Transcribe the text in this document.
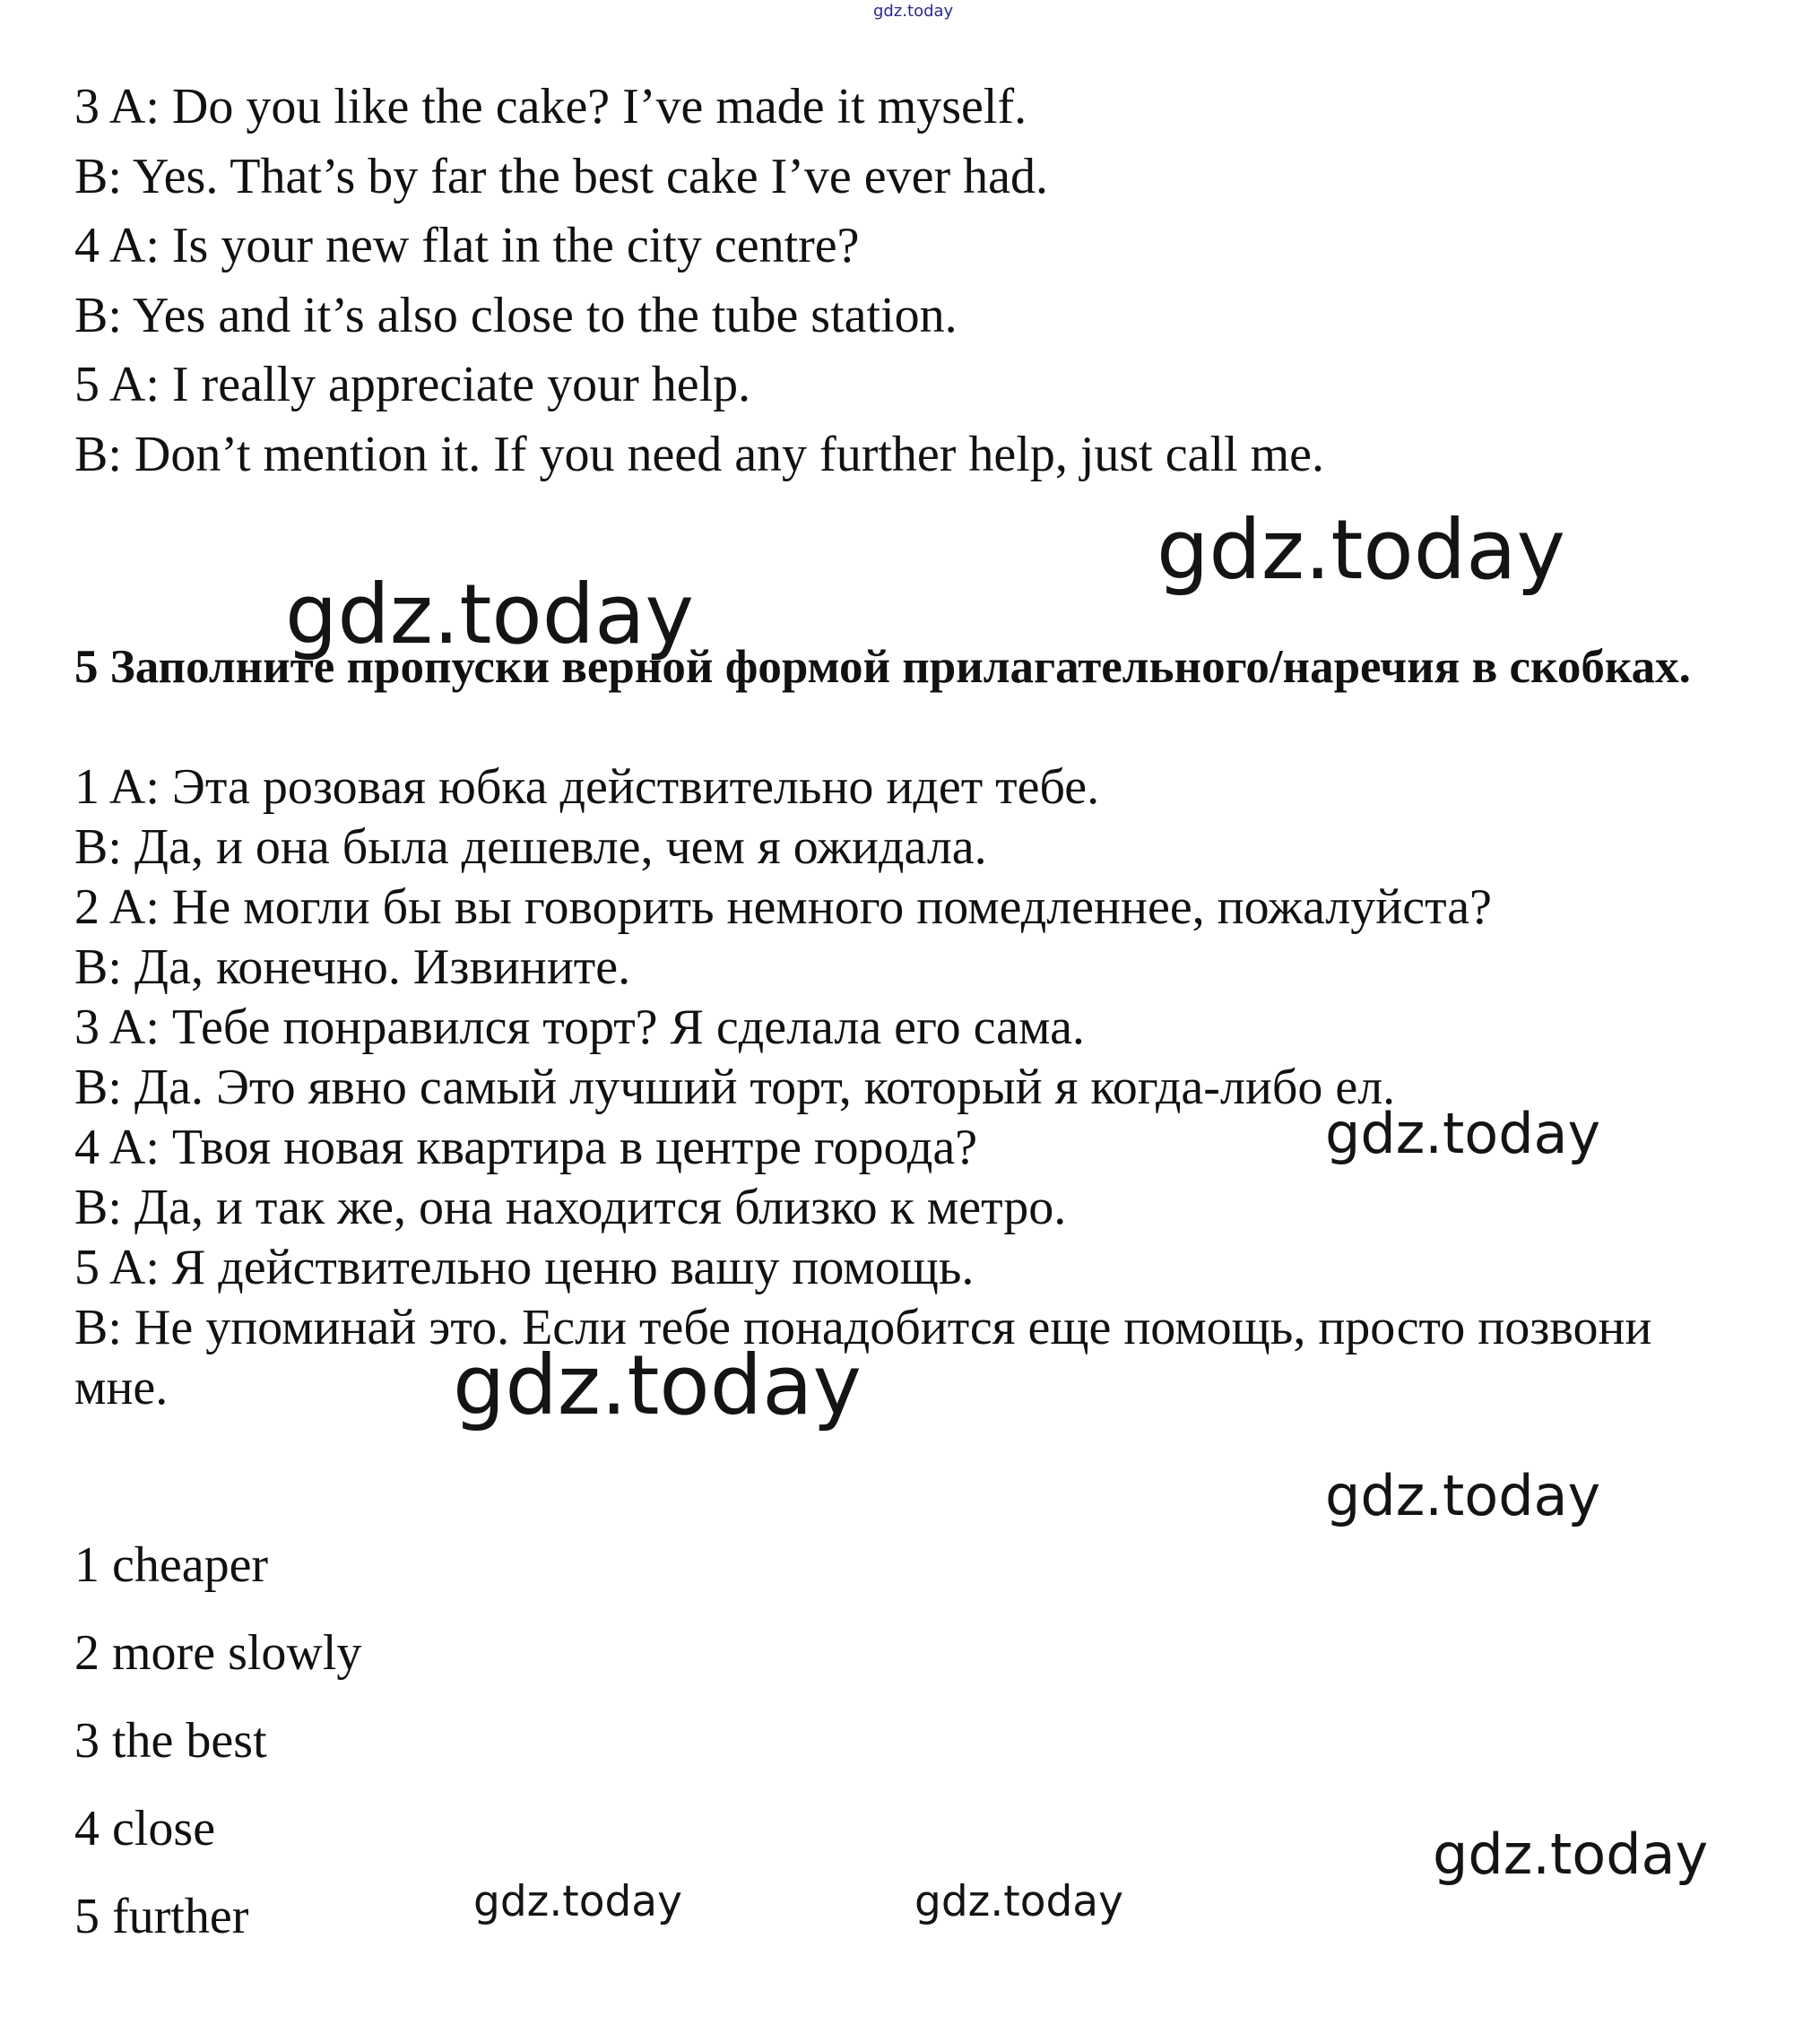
gdz.today
3 A: Do you like the cake? I’ve made it myself.
B: Yes. That’s by far the best cake I’ve ever had.
4 A: Is your new flat in the city centre?
B: Yes and it’s also close to the tube station.
5 A: I really appreciate your help.
B: Don’t mention it. If you need any further help, just call me.
gdz.today
gdz.today
5 Заполните пропуски верной формой прилагательного/наречия в скобках.
1 A: Эта розовая юбка действительно идет тебе.
B: Да, и она была дешевле, чем я ожидала.
2 A: Не могли бы вы говорить немного помедленнее, пожалуйста?
B: Да, конечно. Извините.
3 A: Тебе понравился торт? Я сделала его сама.
B: Да. Это явно самый лучший торт, который я когда-либо ел.
4 A: Твоя новая квартира в центре города?
B: Да, и так же, она находится близко к метро.
5 A: Я действительно ценю вашу помощь.
B: Не упоминай это. Если тебе понадобится еще помощь, просто позвони
мне.
gdz.today
gdz.today
gdz.today
1 cheaper
2 more slowly
3 the best
4 close
5 further
gdz.today
gdz.today	gdz.today
